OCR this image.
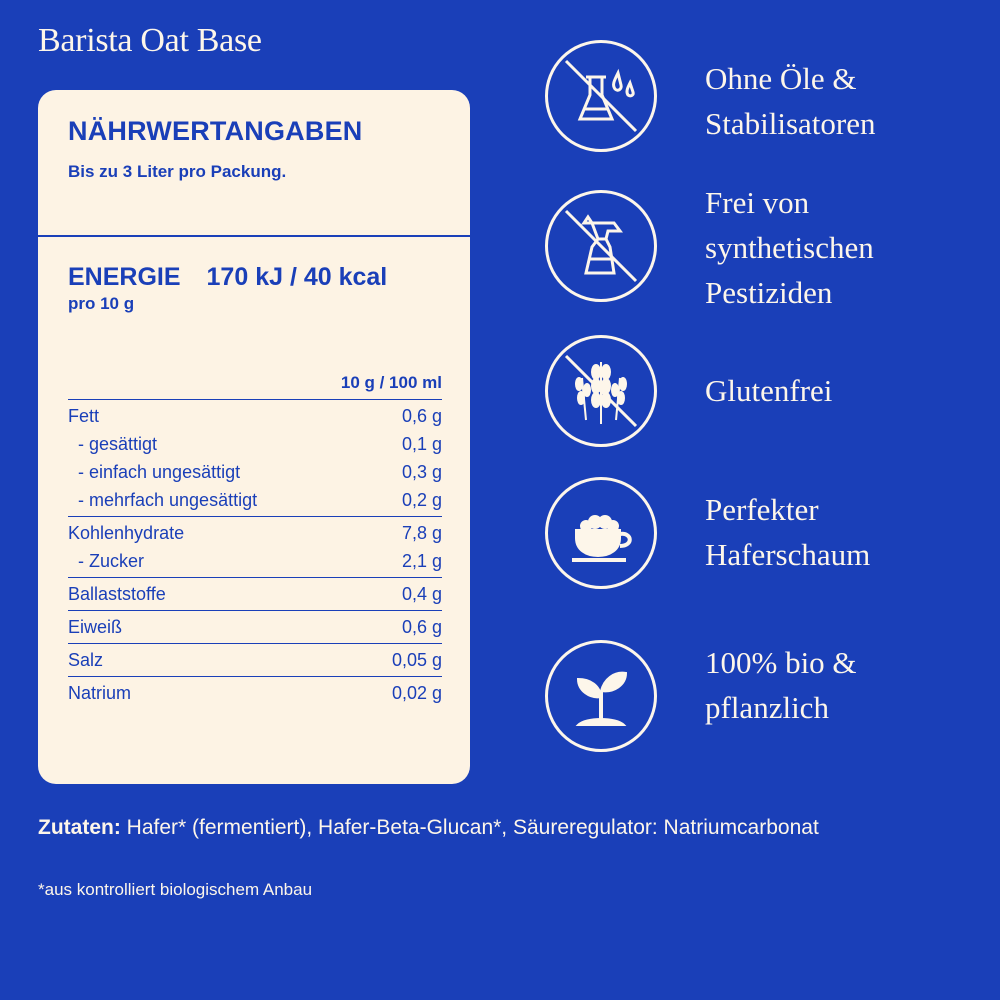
Barista Oat Base
NÄHRWERTANGABEN
Bis zu 3 Liter pro Packung.
ENERGIE 170 kJ / 40 kcal
pro 10 g
10 g / 100 ml
Fett	0,6 g
- gesättigt	0,1 g
- einfach ungesättigt	0,3 g
- mehrfach ungesättigt	0,2 g
Kohlenhydrate	7,8 g
- Zucker	2,1 g
Ballaststoffe	0,4 g
Eiweiß	0,6 g
Salz	0,05 g
Natrium	0,02 g
Ohne Öle &
Stabilisatoren
Frei von
synthetischen
Pestiziden
Glutenfrei
Perfekter
Haferschaum
100% bio &
pflanzlich
Zutaten: Hafer* (fermentiert), Hafer-Beta-Glucan*, Säureregulator: Natriumcarbonat
*aus kontrolliert biologischem Anbau
